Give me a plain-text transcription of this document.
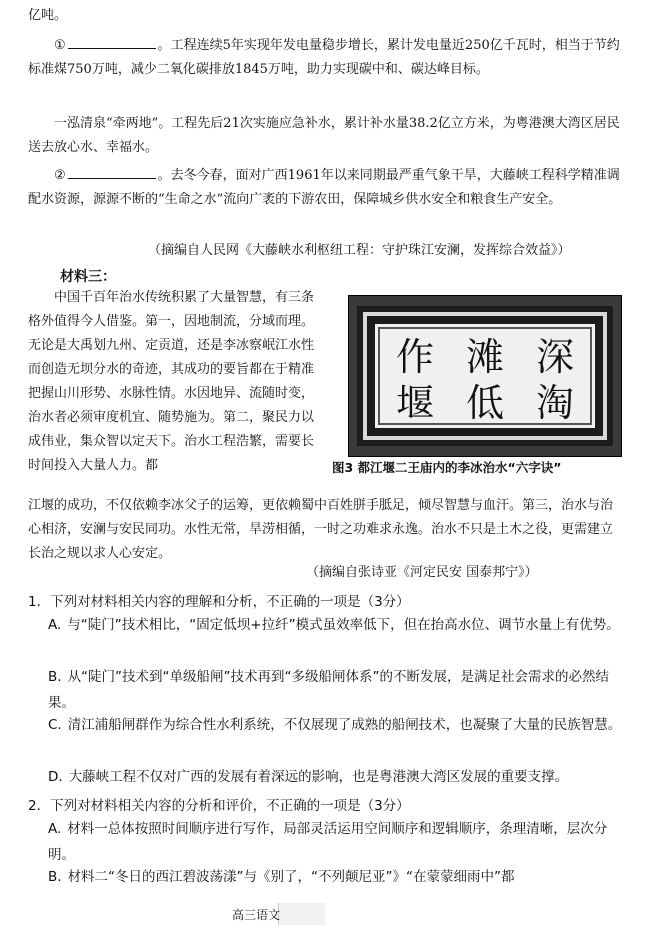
亿吨。

①	。工程连续5年实现年发电量稳步增长，累计发电量近250亿千瓦时，相当于节约标准煤750万吨，减少二氧化碳排放1845万吨，助力实现碳中和、碳达峰目标。

一泓清泉“牵两地”。工程先后21次实施应急补水，累计补水量38.2亿立方米，为粤港澳大湾区居民送去放心水、幸福水。

②	。去冬今春，面对广西1961年以来同期最严重气象干旱，大藤峡工程科学精准调配水资源，源源不断的“生命之水”流向广袤的下游农田，保障城乡供水安全和粮食生产安全。

（摘编自人民网《大藤峡水利枢纽工程：守护珠江安澜，发挥综合效益》）
材料三：

中国千百年治水传统积累了大量智慧，有三条格外值得今人借鉴。第一，因地制流，分域而理。无论是大禹划九州、定贡道，还是李冰察岷江水性而创造无坝分水的奇迹，其成功的要旨都在于精准把握山川形势、水脉性情。水因地异、流随时变，治水者必须审度机宜、随势施为。第二，聚民力以成伟业，集众智以定天下。治水工程浩繁，需要长时间投入大量人力。都

深
淘
滩
低
作
堰
图3 都江堰二王庙内的李冰治水“六字诀”

江堰的成功，不仅依赖李冰父子的运筹，更依赖蜀中百姓胼手胝足，倾尽智慧与血汗。第三，治水与治心相济，安澜与安民同功。水性无常，旱涝相循，一时之功难求永逸。治水不只是土木之役，更需建立长治之规以求人心安定。

（摘编自张诗亚《河定民安 国泰邦宁》）
1．下列对材料相关内容的理解和分析，不正确的一项是（3分）
A. 与“陡门”技术相比，“固定低坝+拉纤”模式虽效率低下，但在抬高水位、调节水量上有优势。
B. 从“陡门”技术到“单级船闸”技术再到“多级船闸体系”的不断发展，是满足社会需求的必然结果。
C. 清江浦船闸群作为综合性水利系统，不仅展现了成熟的船闸技术，也凝聚了大量的民族智慧。
D. 大藤峡工程不仅对广西的发展有着深远的影响，也是粤港澳大湾区发展的重要支撑。
2．下列对材料相关内容的分析和评价，不正确的一项是（3分）
A. 材料一总体按照时间顺序进行写作，局部灵活运用空间顺序和逻辑顺序，条理清晰，层次分明。
B. 材料二“冬日的西江碧波荡漾”与《别了，“不列颠尼亚”》“在蒙蒙细雨中”都
高三语文
